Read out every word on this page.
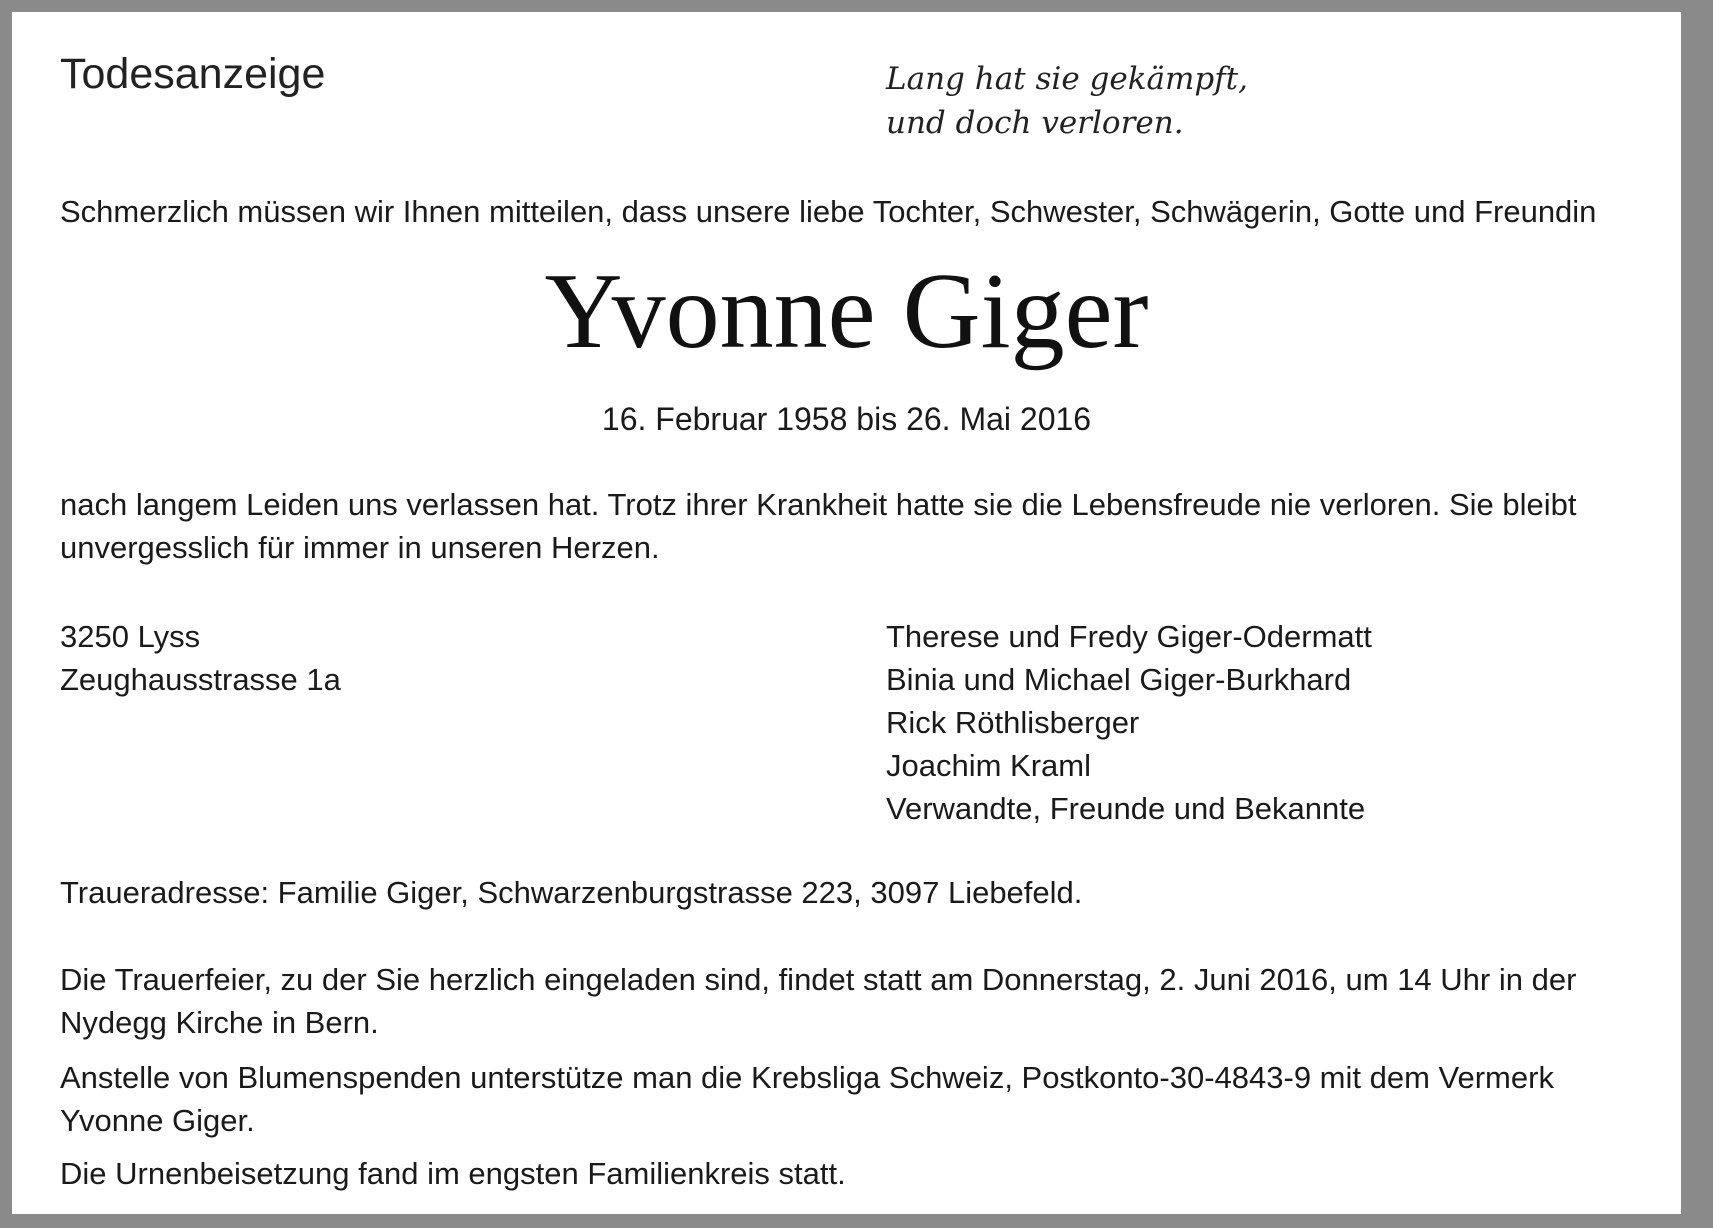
Todesanzeige	Lang hat sie gekämpft,
und doch verloren.
Schmerzlich müssen wir Ihnen mitteilen, dass unsere liebe Tochter, Schwester, Schwägerin, Gotte und Freundin
Yvonne Giger
16. Februar 1958 bis 26. Mai 2016
nach langem Leiden uns verlassen hat. Trotz ihrer Krankheit hatte sie die Lebensfreude nie verloren. Sie bleibt unvergesslich für immer in unseren Herzen.
3250 Lyss
Zeughausstrasse 1a
Therese und Fredy Giger-Odermatt
Binia und Michael Giger-Burkhard
Rick Röthlisberger
Joachim Kraml
Verwandte, Freunde und Bekannte
Traueradresse: Familie Giger, Schwarzenburgstrasse 223, 3097 Liebefeld.
Die Trauerfeier, zu der Sie herzlich eingeladen sind, findet statt am Donnerstag, 2. Juni 2016, um 14 Uhr in der Nydegg Kirche in Bern.
Anstelle von Blumenspenden unterstütze man die Krebsliga Schweiz, Postkonto-30-4843-9 mit dem Vermerk Yvonne Giger.
Die Urnenbeisetzung fand im engsten Familienkreis statt.
